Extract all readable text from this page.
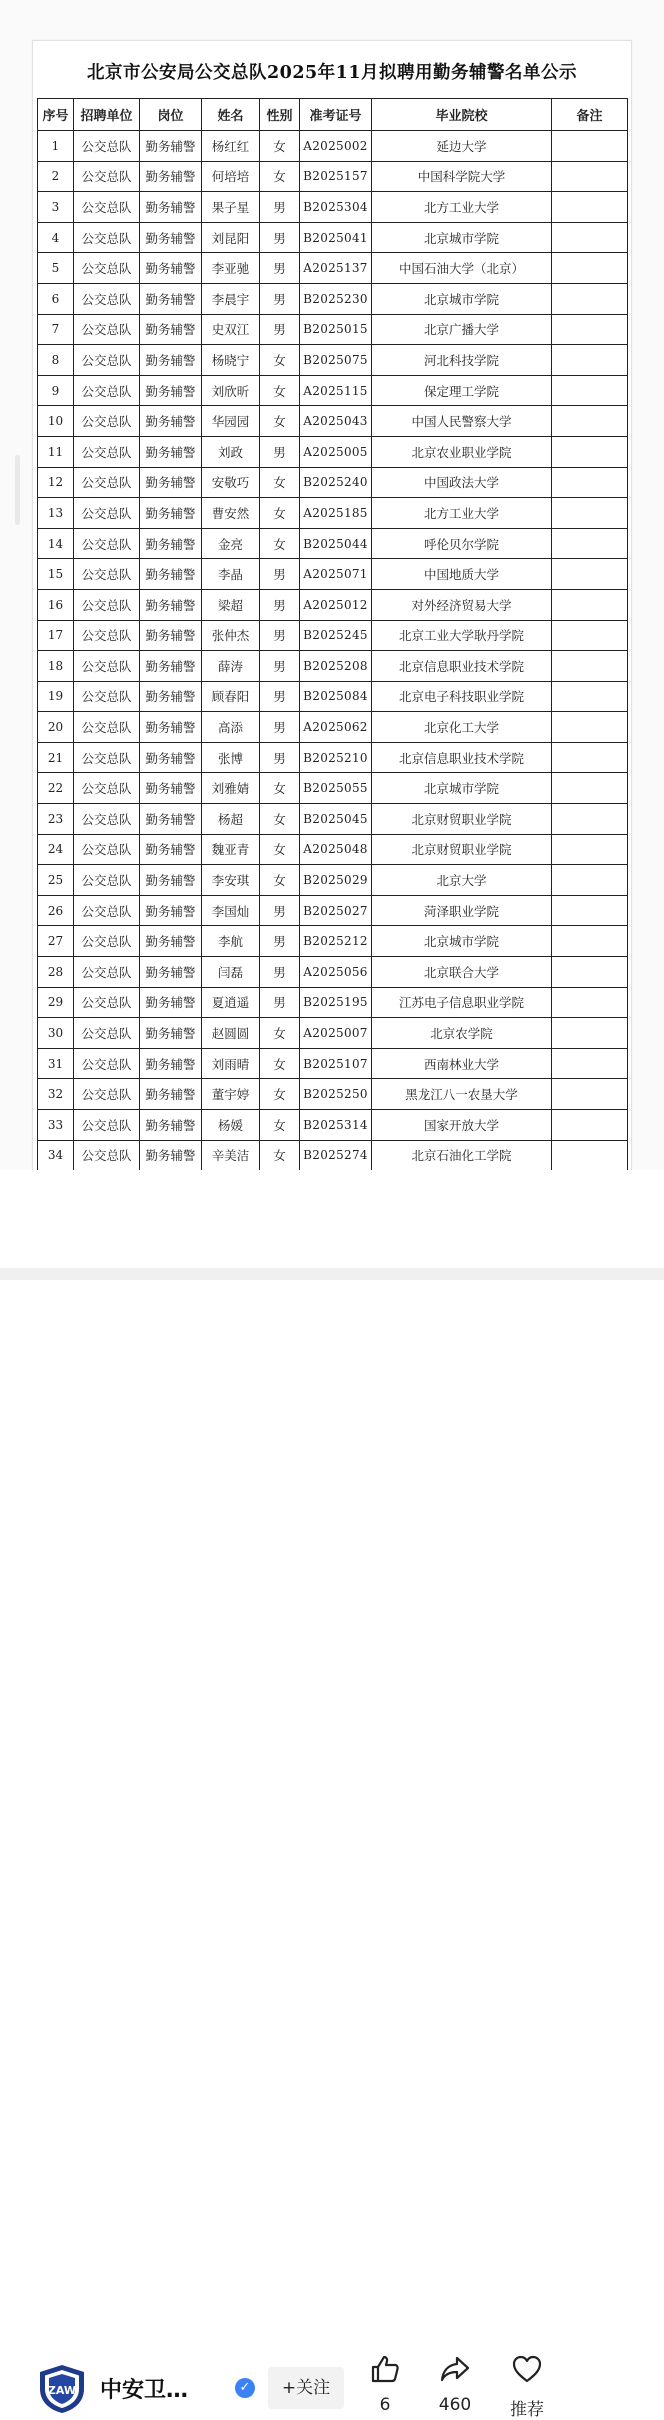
北京市公安局公交总队2025年11月拟聘用勤务辅警名单公示
序号	招聘单位	岗位	姓名	性别	准考证号	毕业院校	备注
1	公交总队	勤务辅警	杨红红	女	A2025002	延边大学	
2	公交总队	勤务辅警	何培培	女	B2025157	中国科学院大学	
3	公交总队	勤务辅警	果子星	男	B2025304	北方工业大学	
4	公交总队	勤务辅警	刘昆阳	男	B2025041	北京城市学院	
5	公交总队	勤务辅警	李亚驰	男	A2025137	中国石油大学（北京）	
6	公交总队	勤务辅警	李晨宇	男	B2025230	北京城市学院	
7	公交总队	勤务辅警	史双江	男	B2025015	北京广播大学	
8	公交总队	勤务辅警	杨晓宁	女	B2025075	河北科技学院	
9	公交总队	勤务辅警	刘欣昕	女	A2025115	保定理工学院	
10	公交总队	勤务辅警	华园园	女	A2025043	中国人民警察大学	
11	公交总队	勤务辅警	刘政	男	A2025005	北京农业职业学院	
12	公交总队	勤务辅警	安敬巧	女	B2025240	中国政法大学	
13	公交总队	勤务辅警	曹安然	女	A2025185	北方工业大学	
14	公交总队	勤务辅警	金亮	女	B2025044	呼伦贝尔学院	
15	公交总队	勤务辅警	李晶	男	A2025071	中国地质大学	
16	公交总队	勤务辅警	梁超	男	A2025012	对外经济贸易大学	
17	公交总队	勤务辅警	张仲杰	男	B2025245	北京工业大学耿丹学院	
18	公交总队	勤务辅警	薛涛	男	B2025208	北京信息职业技术学院	
19	公交总队	勤务辅警	顾春阳	男	B2025084	北京电子科技职业学院	
20	公交总队	勤务辅警	高添	男	A2025062	北京化工大学	
21	公交总队	勤务辅警	张博	男	B2025210	北京信息职业技术学院	
22	公交总队	勤务辅警	刘雅婧	女	B2025055	北京城市学院	
23	公交总队	勤务辅警	杨超	女	B2025045	北京财贸职业学院	
24	公交总队	勤务辅警	魏亚青	女	A2025048	北京财贸职业学院	
25	公交总队	勤务辅警	李安琪	女	B2025029	北京大学	
26	公交总队	勤务辅警	李国灿	男	B2025027	菏泽职业学院	
27	公交总队	勤务辅警	李航	男	B2025212	北京城市学院	
28	公交总队	勤务辅警	闫磊	男	A2025056	北京联合大学	
29	公交总队	勤务辅警	夏逍遥	男	B2025195	江苏电子信息职业学院	
30	公交总队	勤务辅警	赵圆圆	女	A2025007	北京农学院	
31	公交总队	勤务辅警	刘雨晴	女	B2025107	西南林业大学	
32	公交总队	勤务辅警	董宇婷	女	B2025250	黑龙江八一农垦大学	
33	公交总队	勤务辅警	杨媛	女	B2025314	国家开放大学	
34	公交总队	勤务辅警	辛美洁	女	B2025274	北京石油化工学院	
ZAW 中安卫…	✓	+关注
6	460	推荐
